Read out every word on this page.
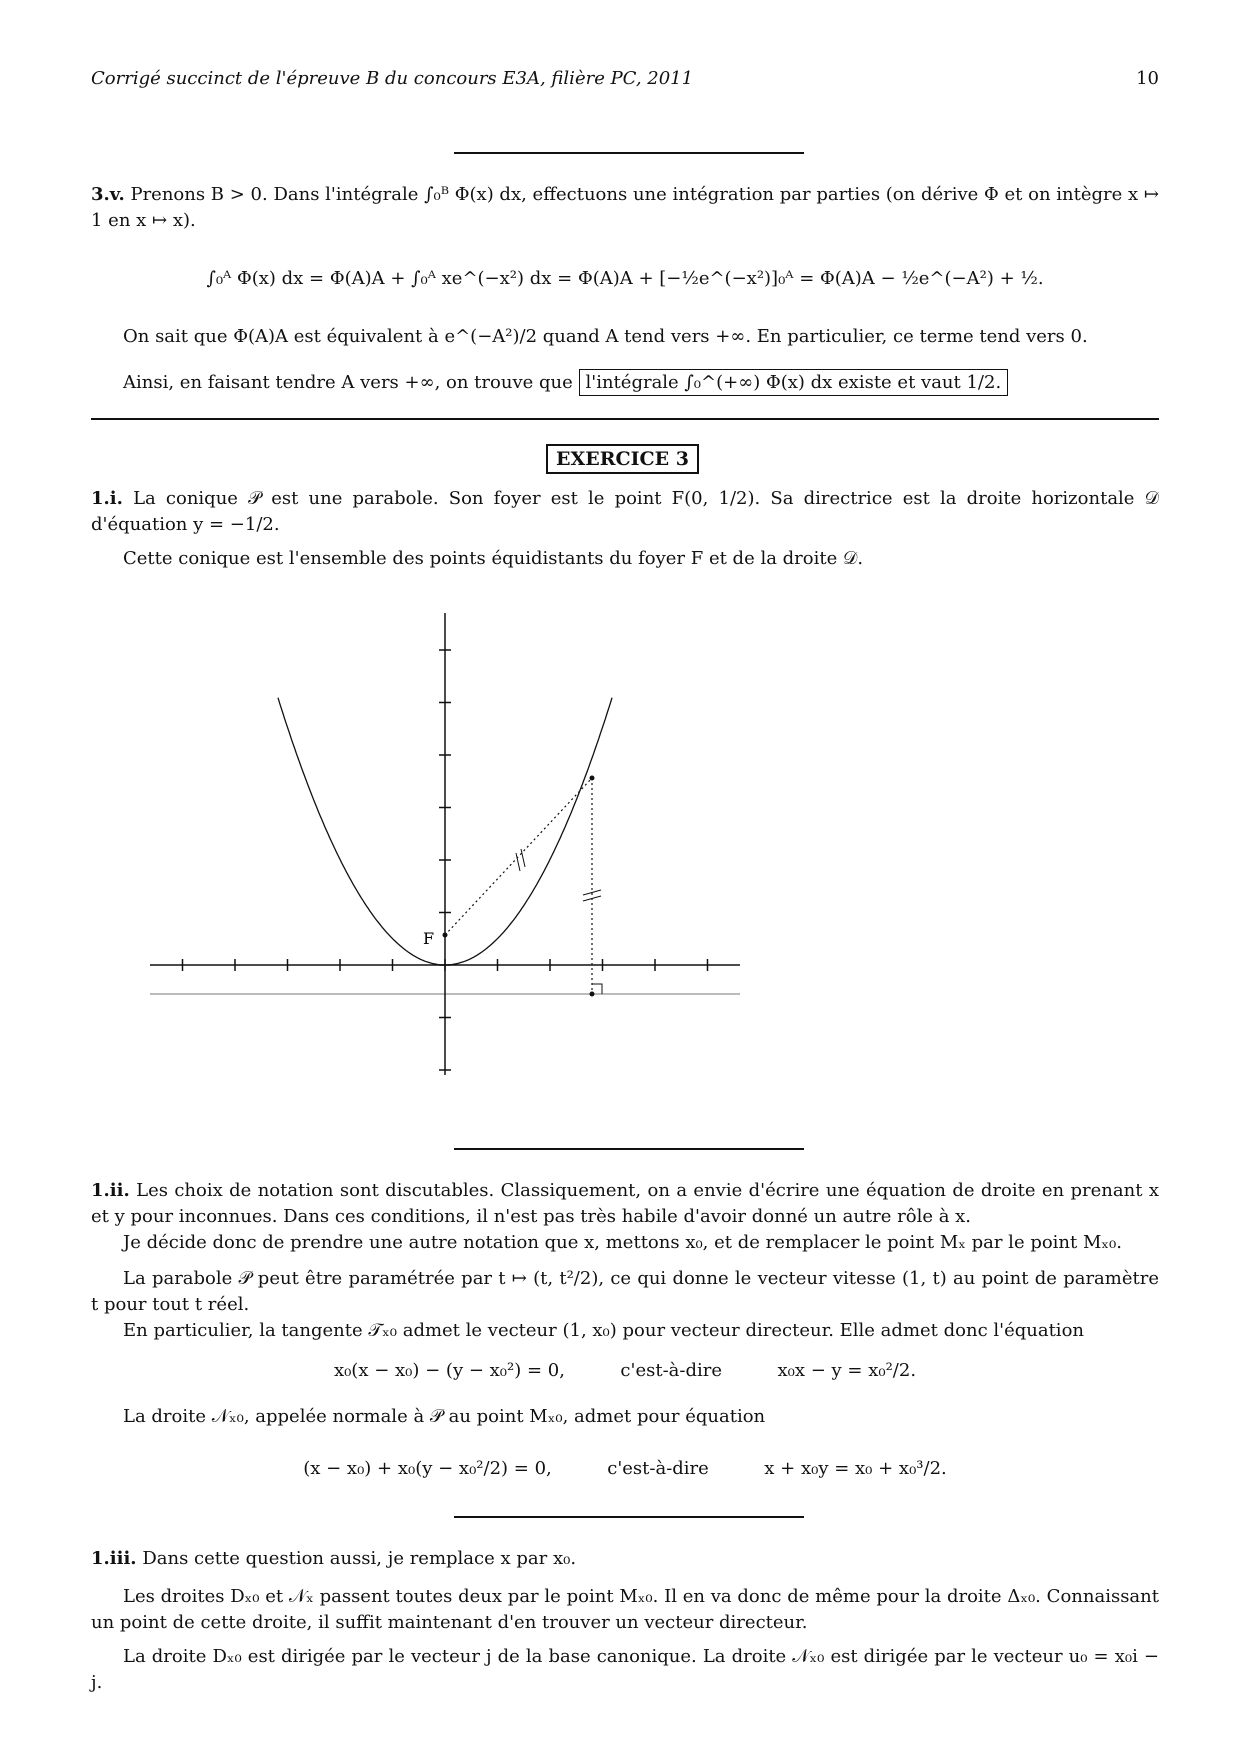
Corrigé succinct de l'épreuve B du concours E3A, filière PC, 2011	10
3.v. Prenons B > 0. Dans l'intégrale ∫₀ᴮ Φ(x) dx, effectuons une intégration par parties (on dérive Φ et on intègre x ↦ 1 en x ↦ x).
∫₀ᴬ Φ(x) dx = Φ(A)A + ∫₀ᴬ xe^(−x²) dx = Φ(A)A + [−½e^(−x²)]₀ᴬ = Φ(A)A − ½e^(−A²) + ½.
On sait que Φ(A)A est équivalent à e^(−A²)/2 quand A tend vers +∞. En particulier, ce terme tend vers 0.
Ainsi, en faisant tendre A vers +∞, on trouve que l'intégrale ∫₀^(+∞) Φ(x) dx existe et vaut 1/2.
EXERCICE 3
1.i. La conique 𝒫 est une parabole. Son foyer est le point F(0, 1/2). Sa directrice est la droite horizontale 𝒟 d'équation y = −1/2.
Cette conique est l'ensemble des points équidistants du foyer F et de la droite 𝒟.
F
1.ii. Les choix de notation sont discutables. Classiquement, on a envie d'écrire une équation de droite en prenant x et y pour inconnues. Dans ces conditions, il n'est pas très habile d'avoir donné un autre rôle à x.
Je décide donc de prendre une autre notation que x, mettons x₀, et de remplacer le point Mₓ par le point Mₓ₀.
La parabole 𝒫 peut être paramétrée par t ↦ (t, t²/2), ce qui donne le vecteur vitesse (1, t) au point de paramètre t pour tout t réel.
En particulier, la tangente 𝒯ₓ₀ admet le vecteur (1, x₀) pour vecteur directeur. Elle admet donc l'équation
x₀(x − x₀) − (y − x₀²) = 0,	c'est-à-dire	x₀x − y = x₀²/2.
La droite 𝒩ₓ₀, appelée normale à 𝒫 au point Mₓ₀, admet pour équation
(x − x₀) + x₀(y − x₀²/2) = 0,	c'est-à-dire	x + x₀y = x₀ + x₀³/2.
1.iii. Dans cette question aussi, je remplace x par x₀.
Les droites Dₓ₀ et 𝒩ₓ passent toutes deux par le point Mₓ₀. Il en va donc de même pour la droite Δₓ₀. Connaissant un point de cette droite, il suffit maintenant d'en trouver un vecteur directeur.
La droite Dₓ₀ est dirigée par le vecteur j de la base canonique. La droite 𝒩ₓ₀ est dirigée par le vecteur u₀ = x₀i − j.
